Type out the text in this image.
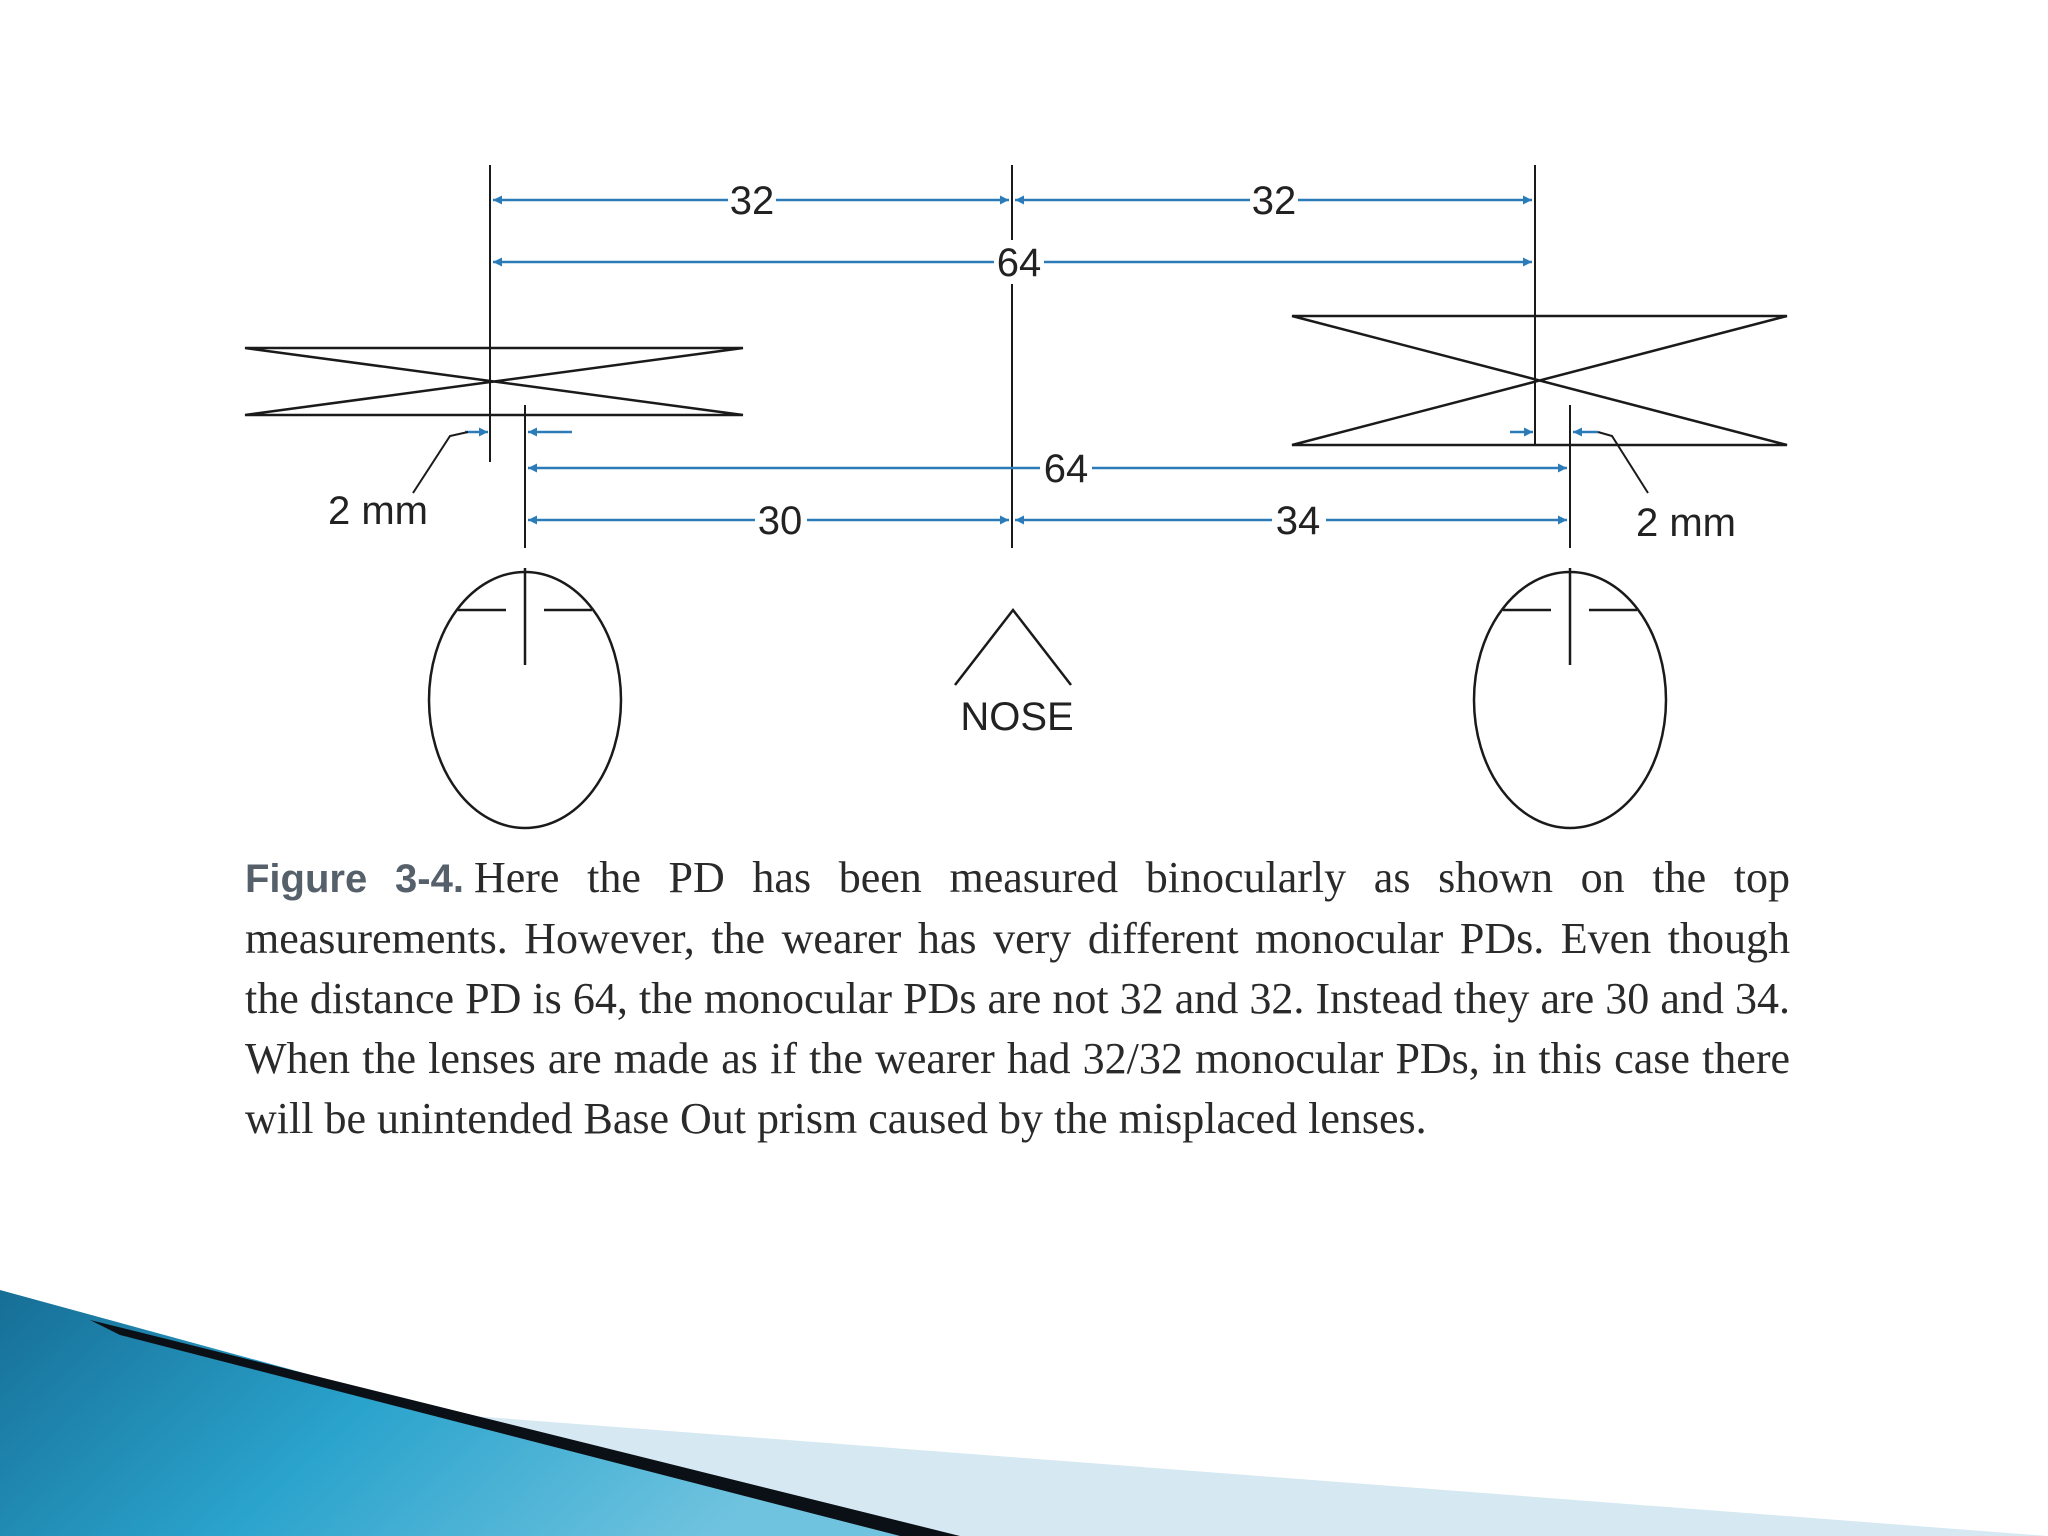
32	32
64
2 mm	2 mm
64
30	34
NOSE
Figure 3-4. Here the PD has been measured binocularly as shown on the top measurements. However, the wearer has very different monocular PDs. Even though the distance PD is 64, the monocular PDs are not 32 and 32. Instead they are 30 and 34. When the lenses are made as if the wearer had 32/32 monocular PDs, in this case there will be unintended Base Out prism caused by the misplaced lenses.
